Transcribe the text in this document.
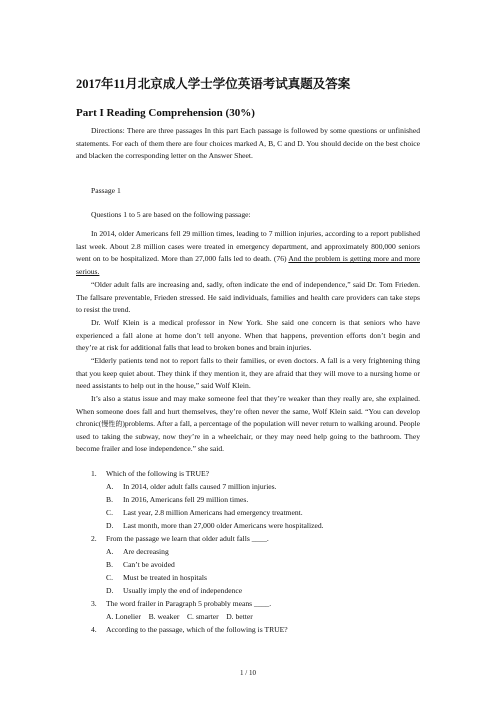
2017年11月北京成人学士学位英语考试真题及答案
Part I Reading Comprehension (30%)

Directions: There are three passages In this part Each passage is followed by some questions or unfinished statements. For each of them there are four choices marked A, B, C and D. You should decide on the best choice and blacken the corresponding letter on the Answer Sheet.

Passage 1

Questions 1 to 5 are based on the following passage:

In 2014, older Americans fell 29 million times, leading to 7 million injuries, according to a report published last week. About 2.8 million cases were treated in emergency department, and approximately 800,000 seniors went on to be hospitalized. More than 27,000 falls led to death. (76) And the problem is getting more and more serious.

“Older adult falls are increasing and, sadly, often indicate the end of independence,” said Dr. Tom Frieden. The fallsare preventable, Frieden stressed. He said individuals, families and health care providers can take steps to resist the trend.

Dr. Wolf Klein is a medical professor in New York. She said one concern is that seniors who have experienced a fall alone at home don’t tell anyone. When that happens, prevention efforts don’t begin and they’re at risk for additional falls that lead to broken bones and brain injuries.

“Elderly patients tend not to report falls to their families, or even doctors. A fall is a very frightening thing that you keep quiet about. They think if they mention it, they are afraid that they will move to a nursing home or need assistants to help out in the house,” said Wolf Klein.

It’s also a status issue and may make someone feel that they’re weaker than they really are, she explained. When someone does fall and hurt themselves, they’re often never the same, Wolf Klein said. “You can develop chronic(慢性的)problems. After a fall, a percentage of the population will never return to walking around. People used to taking the subway, now they’re in a wheelchair, or they may need help going to the bathroom. They become frailer and lose independence.” she said.

1. Which of the following is TRUE?
A. In 2014, older adult falls caused 7 million injuries.
B. In 2016, Americans fell 29 million times.
C. Last year, 2.8 million Americans had emergency treatment.
D. Last month, more than 27,000 older Americans were hospitalized.
2. From the passage we learn that older adult falls ____.
A. Are decreasing
B. Can’t be avoided
C. Must be treated in hospitals
D. Usually imply the end of independence
3. The word frailer in Paragraph 5 probably means ____.
A. Lonelier    B. weaker    C. smarter    D. better
4. According to the passage, which of the following is TRUE?
1 / 10
